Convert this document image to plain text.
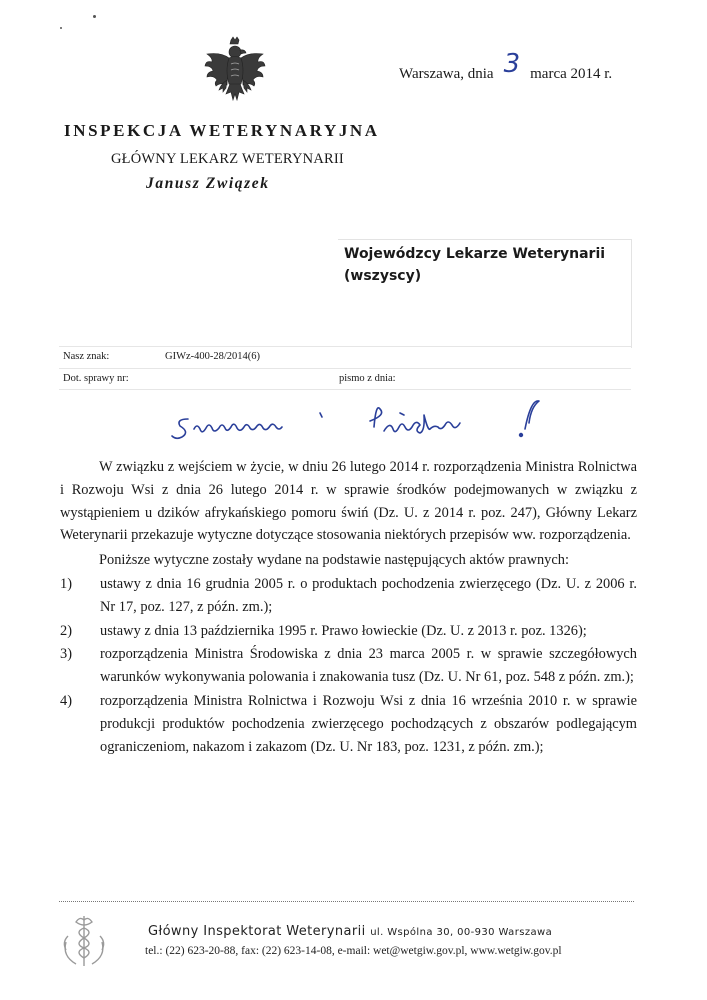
Warszawa, dnia 3 marca 2014 r.
INSPEKCJA WETERYNARYJNA
GŁÓWNY LEKARZ WETERYNARII
Janusz Związek
Wojewódzcy Lekarze Weterynarii
(wszyscy)
Nasz znak:	GIWz-400-28/2014(6)
Dot. sprawy nr:	pismo z dnia:

W związku z wejściem w życie, w dniu 26 lutego 2014 r. rozporządzenia Ministra Rolnictwa i Rozwoju Wsi z dnia 26 lutego 2014 r. w sprawie środków podejmowanych w związku z wystąpieniem u dzików afrykańskiego pomoru świń (Dz. U. z 2014 r. poz. 247), Główny Lekarz Weterynarii przekazuje wytyczne dotyczące stosowania niektórych przepisów ww. rozporządzenia.

Poniższe wytyczne zostały wydane na podstawie następujących aktów prawnych:

1) ustawy z dnia 16 grudnia 2005 r. o produktach pochodzenia zwierzęcego (Dz. U. z 2006 r. Nr 17, poz. 127, z późn. zm.);
2) ustawy z dnia 13 października 1995 r. Prawo łowieckie (Dz. U. z 2013 r. poz. 1326);
3) rozporządzenia Ministra Środowiska z dnia 23 marca 2005 r. w sprawie szczegółowych warunków wykonywania polowania i znakowania tusz (Dz. U. Nr 61, poz. 548 z późn. zm.);
4) rozporządzenia Ministra Rolnictwa i Rozwoju Wsi z dnia 16 września 2010 r. w sprawie produkcji produktów pochodzenia zwierzęcego pochodzących z obszarów podlegającym ograniczeniom, nakazom i zakazom (Dz. U. Nr 183, poz. 1231, z późn. zm.);
Główny Inspektorat Weterynarii ul. Wspólna 30, 00-930 Warszawa
tel.: (22) 623-20-88, fax: (22) 623-14-08, e-mail: wet@wetgiw.gov.pl, www.wetgiw.gov.pl
